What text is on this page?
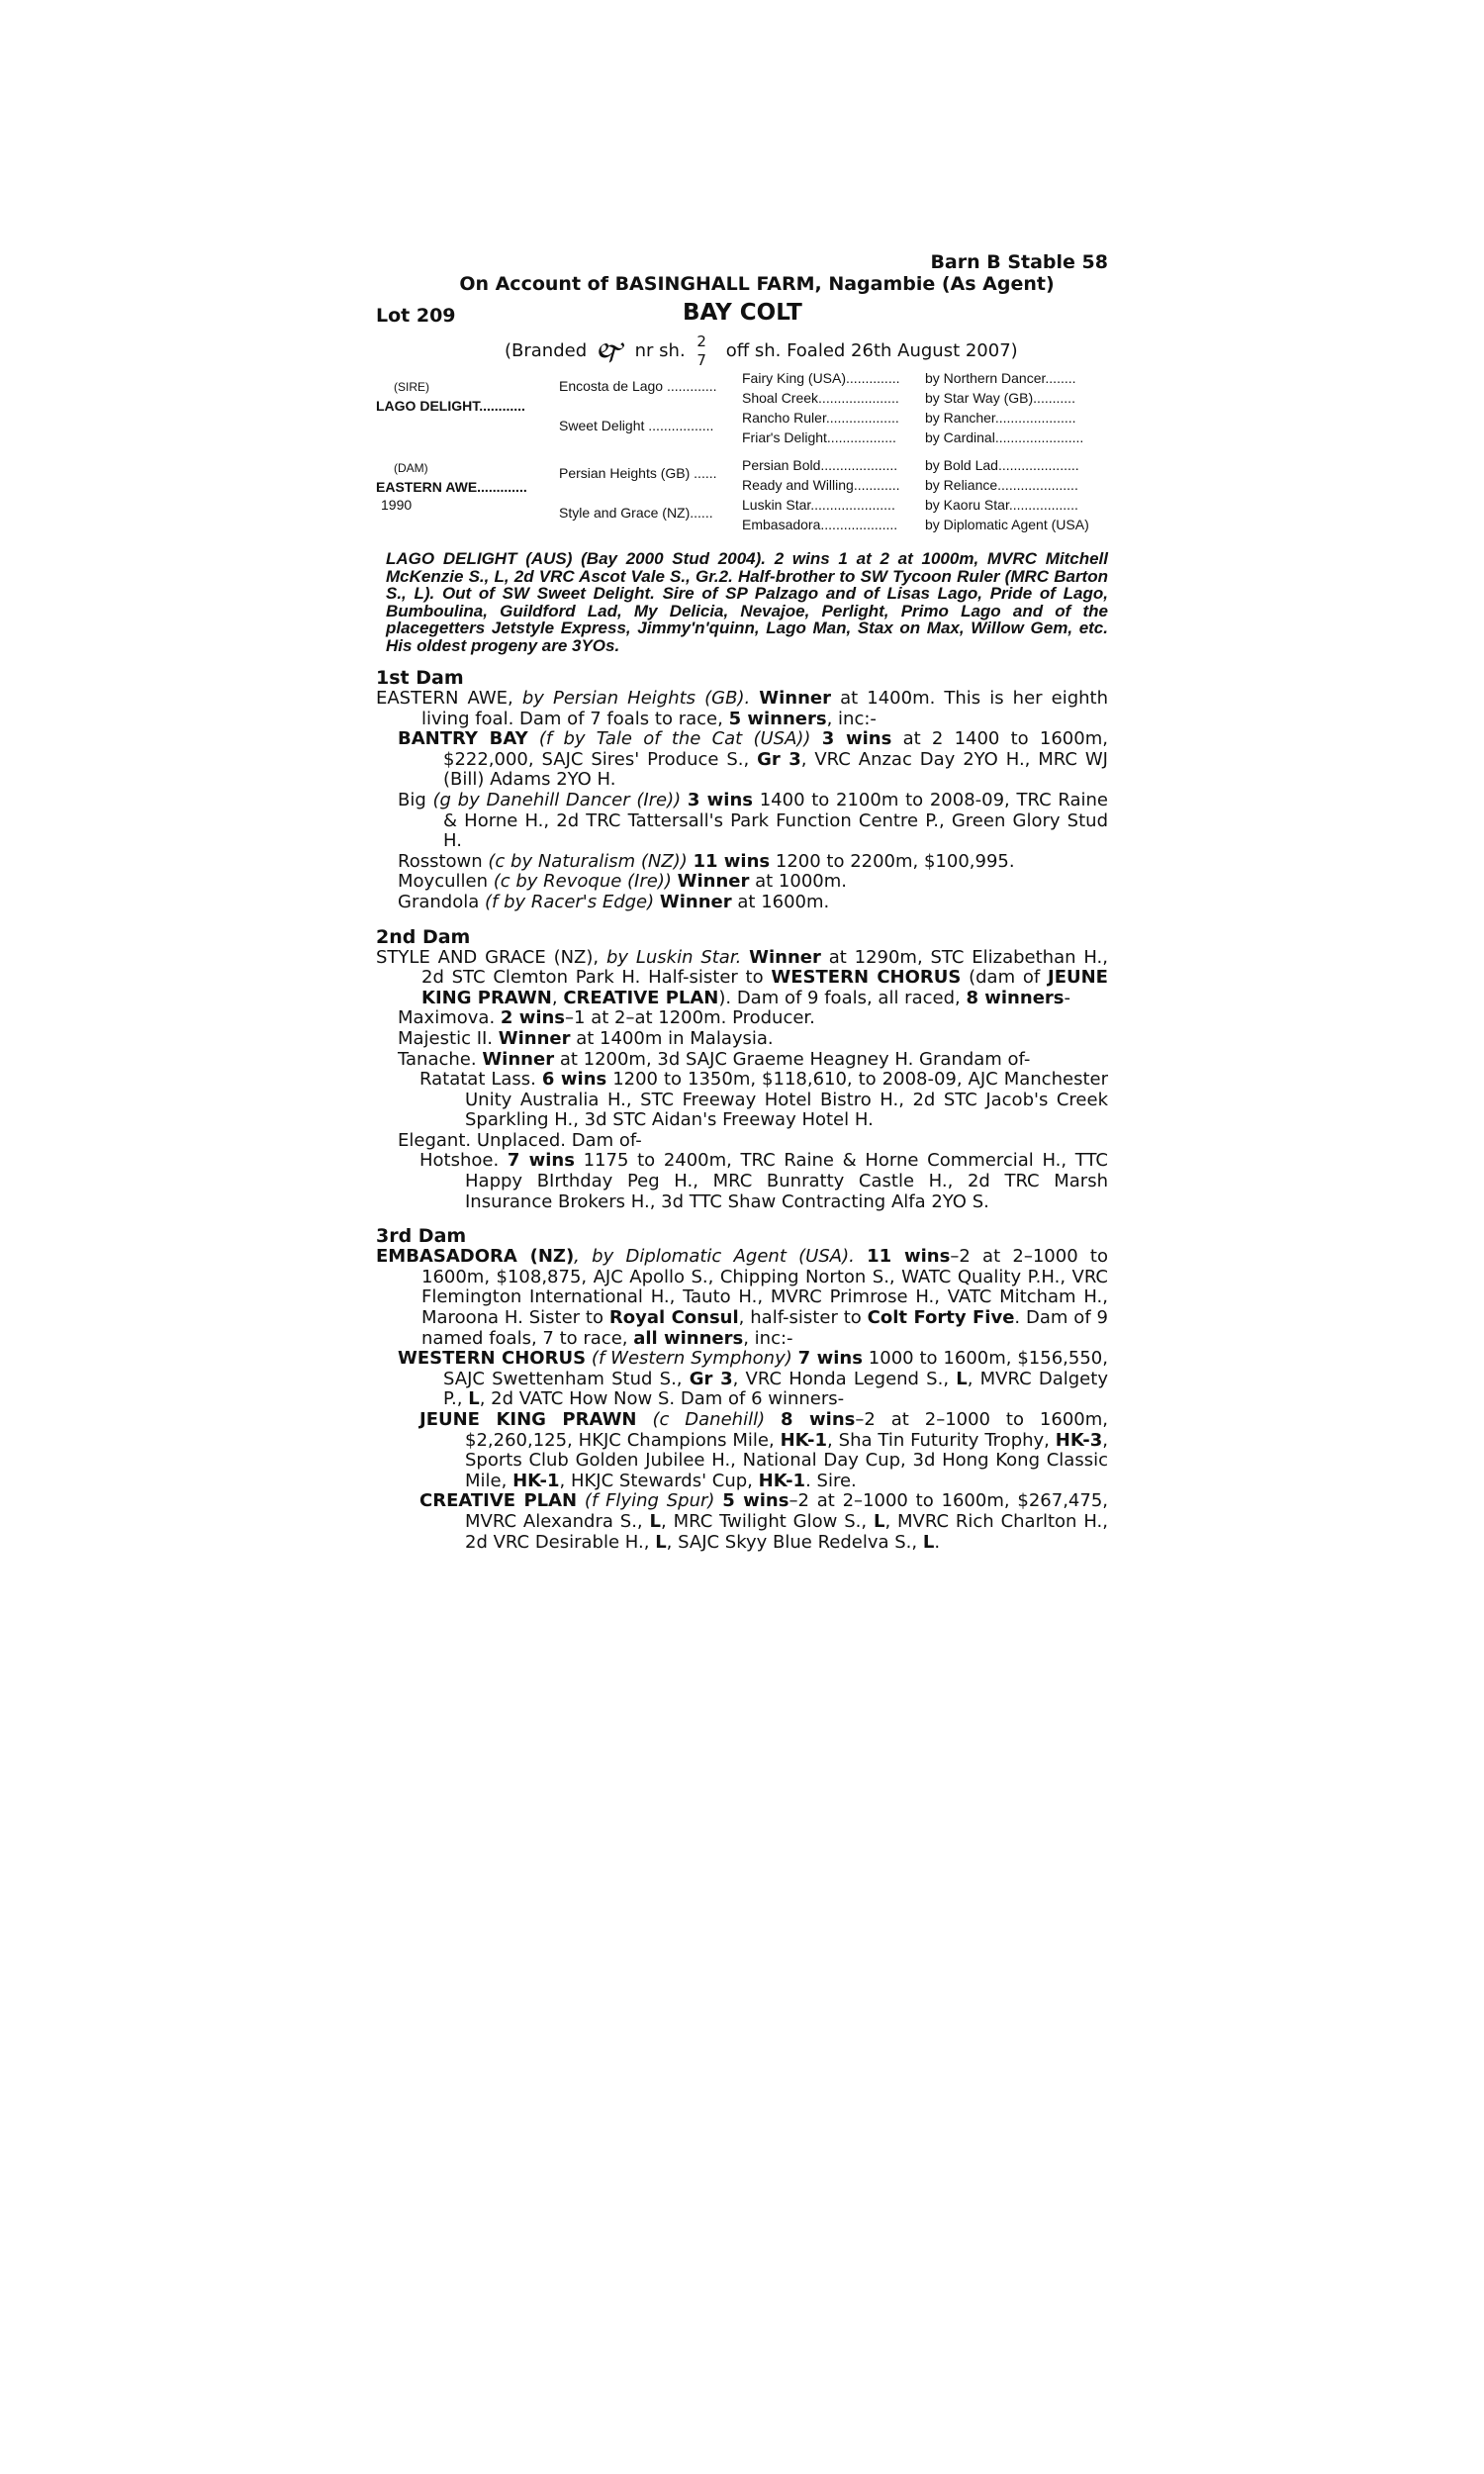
Barn B Stable 58
On Account of BASINGHALL FARM, Nagambie (As Agent)
Lot 209	BAY COLT
(Branded 🙰 nr sh. 2
7 off sh. Foaled 26th August 2007)
(SIRE)
LAGO DELIGHT............
(DAM)
EASTERN AWE.............
1990
Encosta de Lago .............
Sweet Delight .................
Persian Heights (GB) ......
Style and Grace (NZ)......
Fairy King (USA)..............
Shoal Creek.....................
Rancho Ruler...................
Friar's Delight..................
Persian Bold....................
Ready and Willing............
Luskin Star......................
Embasadora....................
by Northern Dancer........
by Star Way (GB)...........
by Rancher.....................
by Cardinal.......................
by Bold Lad.....................
by Reliance.....................
by Kaoru Star..................
by Diplomatic Agent (USA)
LAGO DELIGHT (AUS) (Bay 2000 Stud 2004). 2 wins 1 at 2 at 1000m, MVRC Mitchell McKenzie S., L, 2d VRC Ascot Vale S., Gr.2. Half-brother to SW Tycoon Ruler (MRC Barton S., L). Out of SW Sweet Delight. Sire of SP Palzago and of Lisas Lago, Pride of Lago, Bumboulina, Guildford Lad, My Delicia, Nevajoe, Perlight, Primo Lago and of the placegetters Jetstyle Express, Jimmy'n'quinn, Lago Man, Stax on Max, Willow Gem, etc. His oldest progeny are 3YOs.
1st Dam
EASTERN AWE, by Persian Heights (GB). Winner at 1400m. This is her eighth living foal. Dam of 7 foals to race, 5 winners, inc:-
BANTRY BAY (f by Tale of the Cat (USA)) 3 wins at 2 1400 to 1600m, $222,000, SAJC Sires' Produce S., Gr 3, VRC Anzac Day 2YO H., MRC WJ (Bill) Adams 2YO H.
Big (g by Danehill Dancer (Ire)) 3 wins 1400 to 2100m to 2008-09, TRC Raine & Horne H., 2d TRC Tattersall's Park Function Centre P., Green Glory Stud H.
Rosstown (c by Naturalism (NZ)) 11 wins 1200 to 2200m, $100,995.
Moycullen (c by Revoque (Ire)) Winner at 1000m.
Grandola (f by Racer's Edge) Winner at 1600m.
2nd Dam
STYLE AND GRACE (NZ), by Luskin Star. Winner at 1290m, STC Elizabethan H., 2d STC Clemton Park H. Half-sister to WESTERN CHORUS (dam of JEUNE KING PRAWN, CREATIVE PLAN). Dam of 9 foals, all raced, 8 winners-
Maximova. 2 wins–1 at 2–at 1200m. Producer.
Majestic II. Winner at 1400m in Malaysia.
Tanache. Winner at 1200m, 3d SAJC Graeme Heagney H. Grandam of-
Ratatat Lass. 6 wins 1200 to 1350m, $118,610, to 2008-09, AJC Manchester Unity Australia H., STC Freeway Hotel Bistro H., 2d STC Jacob's Creek Sparkling H., 3d STC Aidan's Freeway Hotel H.
Elegant. Unplaced. Dam of-
Hotshoe. 7 wins 1175 to 2400m, TRC Raine & Horne Commercial H., TTC Happy BIrthday Peg H., MRC Bunratty Castle H., 2d TRC Marsh Insurance Brokers H., 3d TTC Shaw Contracting Alfa 2YO S.
3rd Dam
EMBASADORA (NZ), by Diplomatic Agent (USA). 11 wins–2 at 2–1000 to 1600m, $108,875, AJC Apollo S., Chipping Norton S., WATC Quality P.H., VRC Flemington International H., Tauto H., MVRC Primrose H., VATC Mitcham H., Maroona H. Sister to Royal Consul, half-sister to Colt Forty Five. Dam of 9 named foals, 7 to race, all winners, inc:-
WESTERN CHORUS (f Western Symphony) 7 wins 1000 to 1600m, $156,550, SAJC Swettenham Stud S., Gr 3, VRC Honda Legend S., L, MVRC Dalgety P., L, 2d VATC How Now S. Dam of 6 winners-
JEUNE KING PRAWN (c Danehill) 8 wins–2 at 2–1000 to 1600m, $2,260,125, HKJC Champions Mile, HK-1, Sha Tin Futurity Trophy, HK-3, Sports Club Golden Jubilee H., National Day Cup, 3d Hong Kong Classic Mile, HK-1, HKJC Stewards' Cup, HK-1. Sire.
CREATIVE PLAN (f Flying Spur) 5 wins–2 at 2–1000 to 1600m, $267,475, MVRC Alexandra S., L, MRC Twilight Glow S., L, MVRC Rich Charlton H., 2d VRC Desirable H., L, SAJC Skyy Blue Redelva S., L.
